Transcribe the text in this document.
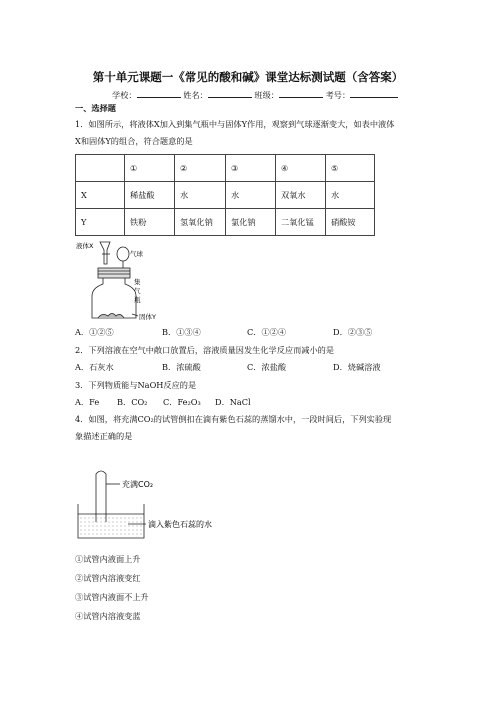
第十单元课题一《常见的酸和碱》课堂达标测试题（含答案）
学校：	姓名：	班级：	考号：
一、选择题
1．如图所示，将液体X加入到集气瓶中与固体Y作用，观察到气球逐渐变大，如表中液体
X和固体Y的组合，符合题意的是
	①	②	③	④	⑤
X	稀盐酸	水	水	双氧水	水
Y	铁粉	氢氧化钠	氯化钠	二氧化锰	硝酸铵
液体X
气球
集
气
瓶
固体Y
A．①②⑤	B．①③④	C．①②④	D．②③⑤
2．下列溶液在空气中敞口放置后，溶液质量因发生化学反应而减小的是
A．石灰水	B．浓硫酸	C．浓盐酸	D．烧碱溶液
3．下列物质能与NaOH反应的是
A．Fe B．CO₂ C．Fe₂O₃ D．NaCl
4．如图，将充满CO₂的试管倒扣在滴有紫色石蕊的蒸馏水中，一段时间后，下列实验现
象描述正确的是
充满CO₂
滴入紫色石蕊的水
①试管内液面上升
②试管内溶液变红
③试管内液面不上升
④试管内溶液变蓝
